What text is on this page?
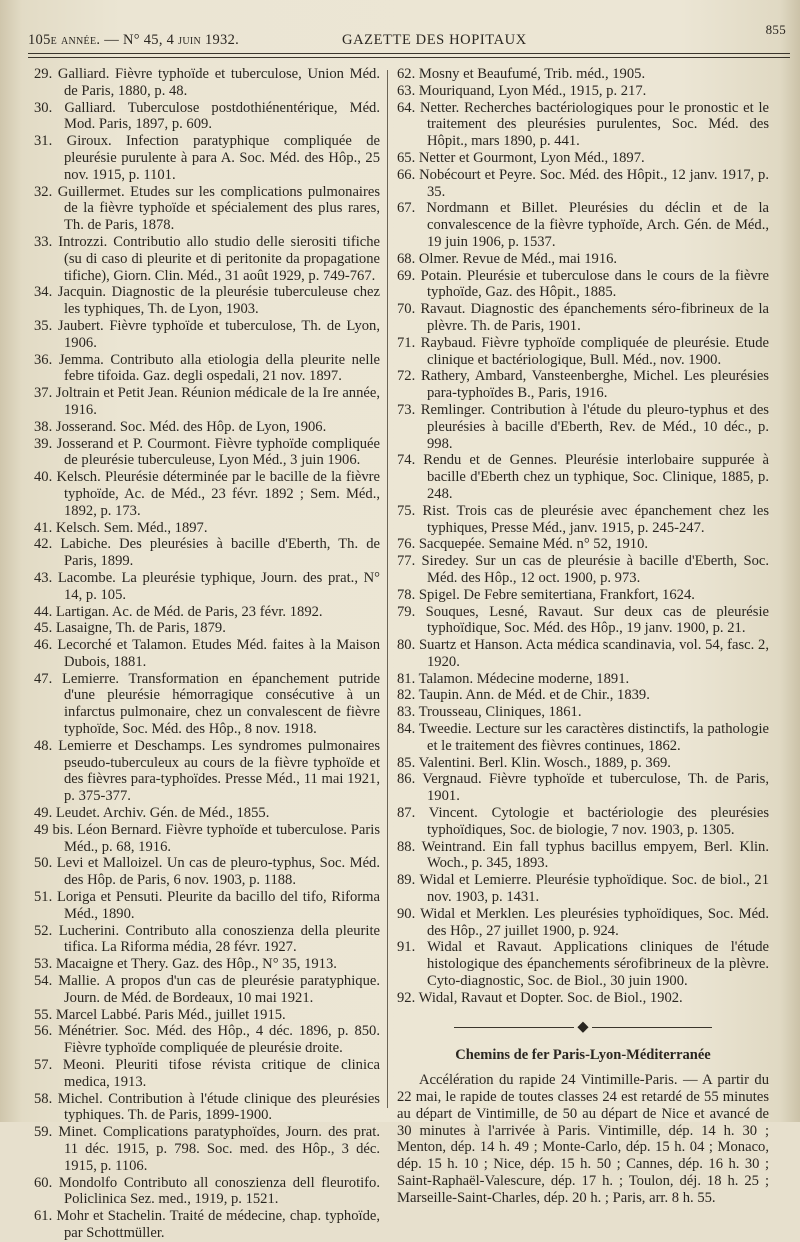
105e année. — N° 45, 4 juin 1932.	GAZETTE DES HOPITAUX
855
29. Galliard. Fièvre typhoïde et tuberculose, Union Méd. de Paris, 1880, p. 48.
30. Galliard. Tuberculose postdothiénentérique, Méd. Mod. Paris, 1897, p. 609.
31. Giroux. Infection paratyphique compliquée de pleurésie purulente à para A. Soc. Méd. des Hôp., 25 nov. 1915, p. 1101.
32. Guillermet. Etudes sur les complications pulmonaires de la fièvre typhoïde et spécialement des plus rares, Th. de Paris, 1878.
33. Introzzi. Contributio allo studio delle sierositi tifiche (su di caso di pleurite et di peritonite da propagatione tifiche), Giorn. Clin. Méd., 31 août 1929, p. 749-767.
34. Jacquin. Diagnostic de la pleurésie tuberculeuse chez les typhiques, Th. de Lyon, 1903.
35. Jaubert. Fièvre typhoïde et tuberculose, Th. de Lyon, 1906.
36. Jemma. Contributo alla etiologia della pleurite nelle febre tifoida. Gaz. degli ospedali, 21 nov. 1897.
37. Joltrain et Petit Jean. Réunion médicale de la Ire année, 1916.
38. Josserand. Soc. Méd. des Hôp. de Lyon, 1906.
39. Josserand et P. Courmont. Fièvre typhoïde compliquée de pleurésie tuberculeuse, Lyon Méd., 3 juin 1906.
40. Kelsch. Pleurésie déterminée par le bacille de la fièvre typhoïde, Ac. de Méd., 23 févr. 1892 ; Sem. Méd., 1892, p. 173.
41. Kelsch. Sem. Méd., 1897.
42. Labiche. Des pleurésies à bacille d'Eberth, Th. de Paris, 1899.
43. Lacombe. La pleurésie typhique, Journ. des prat., N° 14, p. 105.
44. Lartigan. Ac. de Méd. de Paris, 23 févr. 1892.
45. Lasaigne, Th. de Paris, 1879.
46. Lecorché et Talamon. Etudes Méd. faites à la Maison Dubois, 1881.
47. Lemierre. Transformation en épanchement putride d'une pleurésie hémorragique consécutive à un infarctus pulmonaire, chez un convalescent de fièvre typhoïde, Soc. Méd. des Hôp., 8 nov. 1918.
48. Lemierre et Deschamps. Les syndromes pulmonaires pseudo-tuberculeux au cours de la fièvre typhoïde et des fièvres para-typhoïdes. Presse Méd., 11 mai 1921, p. 375-377.
49. Leudet. Archiv. Gén. de Méd., 1855.
49 bis. Léon Bernard. Fièvre typhoïde et tuberculose. Paris Méd., p. 68, 1916.
50. Levi et Malloizel. Un cas de pleuro-typhus, Soc. Méd. des Hôp. de Paris, 6 nov. 1903, p. 1188.
51. Loriga et Pensuti. Pleurite da bacillo del tifo, Riforma Méd., 1890.
52. Lucherini. Contributo alla conoszienza della pleurite tifica. La Riforma média, 28 févr. 1927.
53. Macaigne et Thery. Gaz. des Hôp., N° 35, 1913.
54. Mallie. A propos d'un cas de pleurésie paratyphique. Journ. de Méd. de Bordeaux, 10 mai 1921.
55. Marcel Labbé. Paris Méd., juillet 1915.
56. Ménétrier. Soc. Méd. des Hôp., 4 déc. 1896, p. 850. Fièvre typhoïde compliquée de pleurésie droite.
57. Meoni. Pleuriti tifose révista critique de clinica medica, 1913.
58. Michel. Contribution à l'étude clinique des pleurésies typhiques. Th. de Paris, 1899-1900.
59. Minet. Complications paratyphoïdes, Journ. des prat. 11 déc. 1915, p. 798. Soc. med. des Hôp., 3 déc. 1915, p. 1106.
60. Mondolfo Contributo all conoszienza dell fleurotifo. Policlinica Sez. med., 1919, p. 1521.
61. Mohr et Stachelin. Traité de médecine, chap. typhoïde, par Schottmüller.
62. Mosny et Beaufumé, Trib. méd., 1905.
63. Mouriquand, Lyon Méd., 1915, p. 217.
64. Netter. Recherches bactériologiques pour le pronostic et le traitement des pleurésies purulentes, Soc. Méd. des Hôpit., mars 1890, p. 441.
65. Netter et Gourmont, Lyon Méd., 1897.
66. Nobécourt et Peyre. Soc. Méd. des Hôpit., 12 janv. 1917, p. 35.
67. Nordmann et Billet. Pleurésies du déclin et de la convalescence de la fièvre typhoïde, Arch. Gén. de Méd., 19 juin 1906, p. 1537.
68. Olmer. Revue de Méd., mai 1916.
69. Potain. Pleurésie et tuberculose dans le cours de la fièvre typhoïde, Gaz. des Hôpit., 1885.
70. Ravaut. Diagnostic des épanchements séro-fibrineux de la plèvre. Th. de Paris, 1901.
71. Raybaud. Fièvre typhoïde compliquée de pleurésie. Etude clinique et bactériologique, Bull. Méd., nov. 1900.
72. Rathery, Ambard, Vansteenberghe, Michel. Les pleurésies para-typhoïdes B., Paris, 1916.
73. Remlinger. Contribution à l'étude du pleuro-typhus et des pleurésies à bacille d'Eberth, Rev. de Méd., 10 déc., p. 998.
74. Rendu et de Gennes. Pleurésie interlobaire suppurée à bacille d'Eberth chez un typhique, Soc. Clinique, 1885, p. 248.
75. Rist. Trois cas de pleurésie avec épanchement chez les typhiques, Presse Méd., janv. 1915, p. 245-247.
76. Sacquepée. Semaine Méd. n° 52, 1910.
77. Siredey. Sur un cas de pleurésie à bacille d'Eberth, Soc. Méd. des Hôp., 12 oct. 1900, p. 973.
78. Spigel. De Febre semitertiana, Frankfort, 1624.
79. Souques, Lesné, Ravaut. Sur deux cas de pleurésie typhoïdique, Soc. Méd. des Hôp., 19 janv. 1900, p. 21.
80. Suartz et Hanson. Acta médica scandinavia, vol. 54, fasc. 2, 1920.
81. Talamon. Médecine moderne, 1891.
82. Taupin. Ann. de Méd. et de Chir., 1839.
83. Trousseau, Cliniques, 1861.
84. Tweedie. Lecture sur les caractères distinctifs, la pathologie et le traitement des fièvres continues, 1862.
85. Valentini. Berl. Klin. Wosch., 1889, p. 369.
86. Vergnaud. Fièvre typhoïde et tuberculose, Th. de Paris, 1901.
87. Vincent. Cytologie et bactériologie des pleurésies typhoïdiques, Soc. de biologie, 7 nov. 1903, p. 1305.
88. Weintrand. Ein fall typhus bacillus empyem, Berl. Klin. Woch., p. 345, 1893.
89. Widal et Lemierre. Pleurésie typhoïdique. Soc. de biol., 21 nov. 1903, p. 1431.
90. Widal et Merklen. Les pleurésies typhoïdiques, Soc. Méd. des Hôp., 27 juillet 1900, p. 924.
91. Widal et Ravaut. Applications cliniques de l'étude histologique des épanchements sérofibrineux de la plèvre. Cyto-diagnostic, Soc. de Biol., 30 juin 1900.
92. Widal, Ravaut et Dopter. Soc. de Biol., 1902.
◆
Chemins de fer Paris-Lyon-Méditerranée
Accélération du rapide 24 Vintimille-Paris. — A partir du 22 mai, le rapide de toutes classes 24 est retardé de 55 minutes au départ de Vintimille, de 50 au départ de Nice et avancé de 30 minutes à l'arrivée à Paris. Vintimille, dép. 14 h. 30 ; Menton, dép. 14 h. 49 ; Monte-Carlo, dép. 15 h. 04 ; Monaco, dép. 15 h. 10 ; Nice, dép. 15 h. 50 ; Cannes, dép. 16 h. 30 ; Saint-Raphaël-Valescure, dép. 17 h. ; Toulon, déj. 18 h. 25 ; Marseille-Saint-Charles, dép. 20 h. ; Paris, arr. 8 h. 55.
